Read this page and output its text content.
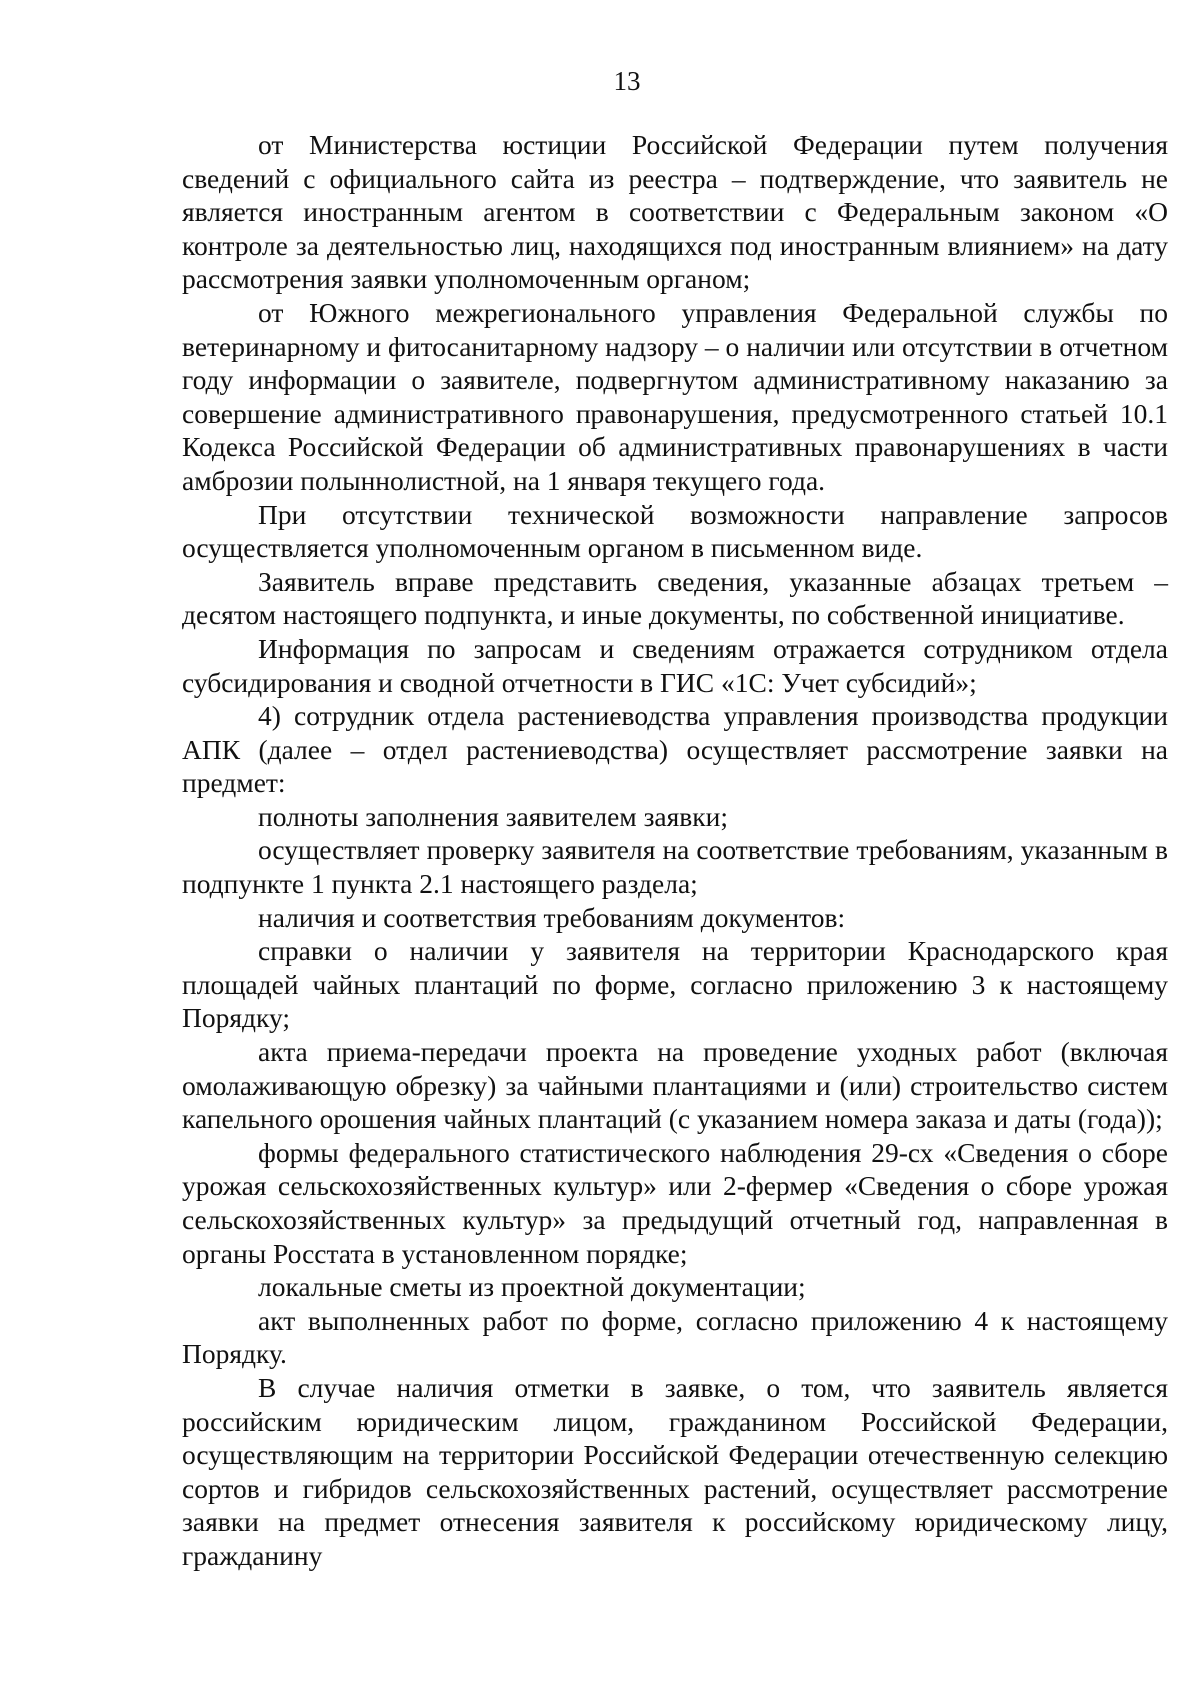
13

от Министерства юстиции Российской Федерации путем получения сведений с официального сайта из реестра – подтверждение, что заявитель не является иностранным агентом в соответствии с Федеральным законом «О контроле за деятельностью лиц, находящихся под иностранным влиянием» на дату рассмотрения заявки уполномоченным органом;

от Южного межрегионального управления Федеральной службы по ветеринарному и фитосанитарному надзору – о наличии или отсутствии в отчетном году информации о заявителе, подвергнутом административному наказанию за совершение административного правонарушения, предусмотренного статьей 10.1 Кодекса Российской Федерации об административных правонарушениях в части амброзии полыннолистной, на 1 января текущего года.

При отсутствии технической возможности направление запросов осуществляется уполномоченным органом в письменном виде.

Заявитель вправе представить сведения, указанные абзацах третьем – десятом настоящего подпункта, и иные документы, по собственной инициативе.

Информация по запросам и сведениям отражается сотрудником отдела субсидирования и сводной отчетности в ГИС «1С: Учет субсидий»;

4) сотрудник отдела растениеводства управления производства продукции АПК (далее – отдел растениеводства) осуществляет рассмотрение заявки на предмет:

полноты заполнения заявителем заявки;

осуществляет проверку заявителя на соответствие требованиям, указанным в подпункте 1 пункта 2.1 настоящего раздела;

наличия и соответствия требованиям документов:

справки о наличии у заявителя на территории Краснодарского края площадей чайных плантаций по форме, согласно приложению 3 к настоящему Порядку;

акта приема-передачи проекта на проведение уходных работ (включая омолаживающую обрезку) за чайными плантациями и (или) строительство систем капельного орошения чайных плантаций (с указанием номера заказа и даты (года));

формы федерального статистического наблюдения 29-сх «Сведения о сборе урожая сельскохозяйственных культур» или 2-фермер «Сведения о сборе урожая сельскохозяйственных культур» за предыдущий отчетный год, направленная в органы Росстата в установленном порядке;

локальные сметы из проектной документации;

акт выполненных работ по форме, согласно приложению 4 к настоящему Порядку.

В случае наличия отметки в заявке, о том, что заявитель является российским юридическим лицом, гражданином Российской Федерации, осуществляющим на территории Российской Федерации отечественную селекцию сортов и гибридов сельскохозяйственных растений, осуществляет рассмотрение заявки на предмет отнесения заявителя к российскому юридическому лицу, гражданину
